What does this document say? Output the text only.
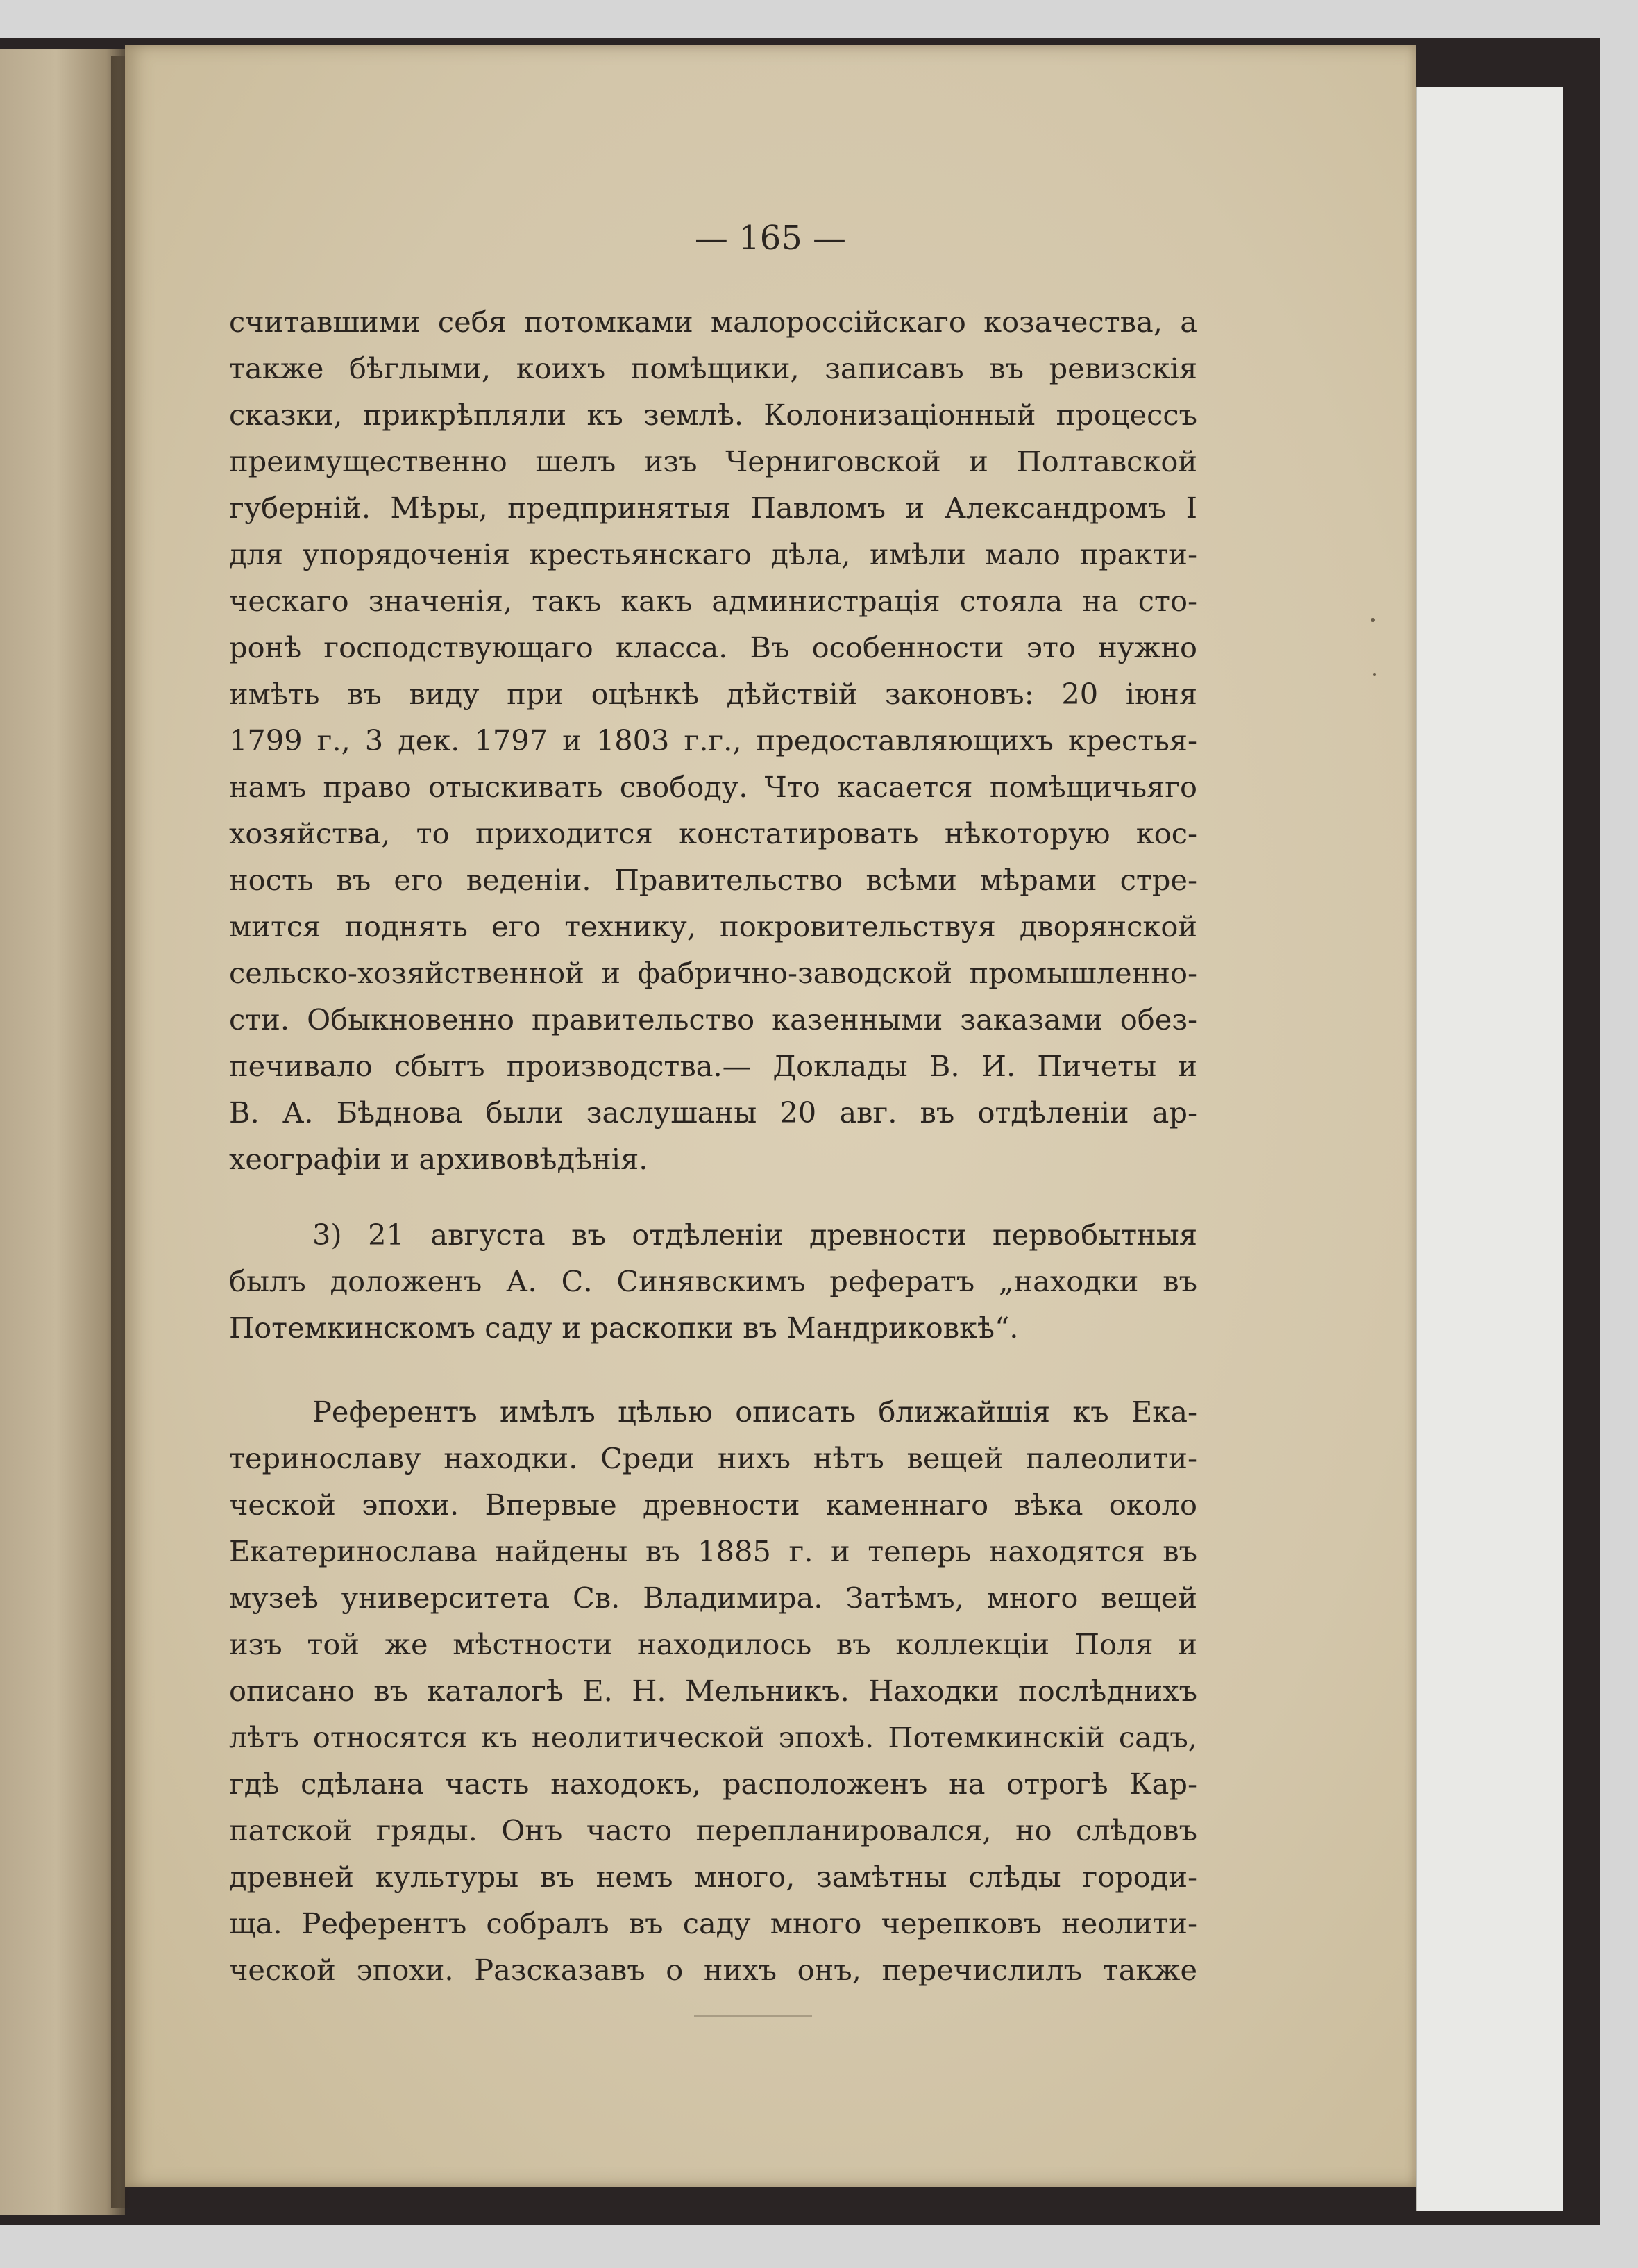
— 165 —
считавшими себя потомками малороссійскаго козачества, а
также бѣглыми, коихъ помѣщики, записавъ въ ревизскія
сказки, прикрѣпляли къ землѣ. Колонизаціонный процессъ
преимущественно шелъ изъ Черниговской и Полтавской
губерній. Мѣры, предпринятыя Павломъ и Александромъ I
для упорядоченія крестьянскаго дѣла, имѣли мало практи-
ческаго значенія, такъ какъ администрація стояла на сто-
ронѣ господствующаго класса. Въ особенности это нужно
имѣть въ виду при оцѣнкѣ дѣйствій законовъ: 20 іюня
1799 г., 3 дек. 1797 и 1803 г.г., предоставляющихъ крестья-
намъ право отыскивать свободу. Что касается помѣщичьяго
хозяйства, то приходится констатировать нѣкоторую кос-
ность въ его веденіи. Правительство всѣми мѣрами стре-
мится поднять его технику, покровительствуя дворянской
сельско-хозяйственной и фабрично-заводской промышленно-
сти. Обыкновенно правительство казенными заказами обез-
печивало сбытъ производства.— Доклады В. И. Пичеты и
В. А. Бѣднова были заслушаны 20 авг. въ отдѣленіи ар-
хеографіи и архивовѣдѣнія.
3) 21 августа въ отдѣленіи древности первобытныя
былъ доложенъ А. С. Синявскимъ рефератъ „находки въ
Потемкинскомъ саду и раскопки въ Мандриковкѣ“.
Референтъ имѣлъ цѣлью описать ближайшія къ Ека-
теринославу находки. Среди нихъ нѣтъ вещей палеолити-
ческой эпохи. Впервые древности каменнаго вѣка около
Екатеринослава найдены въ 1885 г. и теперь находятся въ
музеѣ университета Св. Владимира. Затѣмъ, много вещей
изъ той же мѣстности находилось въ коллекціи Поля и
описано въ каталогѣ Е. Н. Мельникъ. Находки послѣднихъ
лѣтъ относятся къ неолитической эпохѣ. Потемкинскій садъ,
гдѣ сдѣлана часть находокъ, расположенъ на отрогѣ Кар-
патской гряды. Онъ часто перепланировался, но слѣдовъ
древней культуры въ немъ много, замѣтны слѣды городи-
ща. Референтъ собралъ въ саду много черепковъ неолити-
ческой эпохи. Разсказавъ о нихъ онъ, перечислилъ также
